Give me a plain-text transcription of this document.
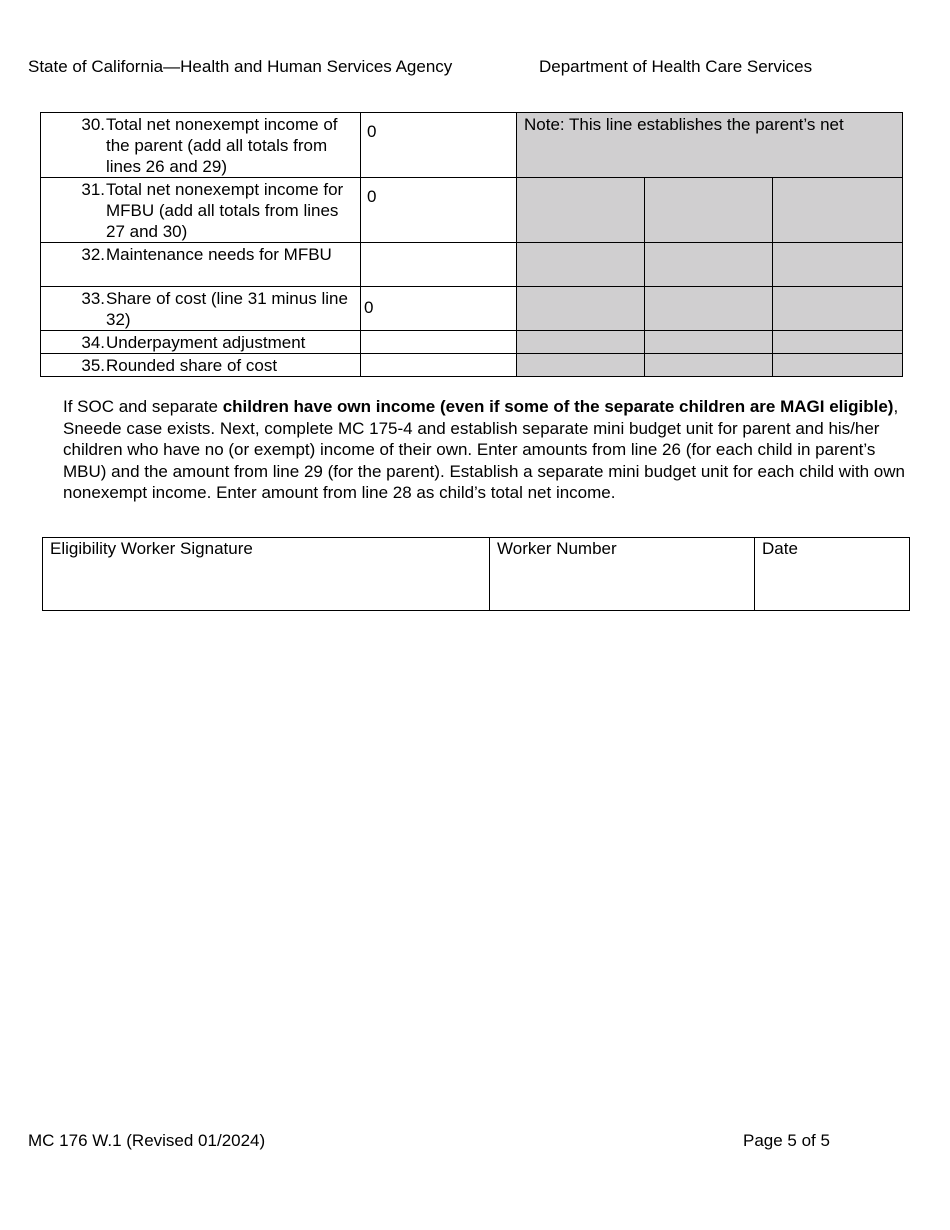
State of California—Health and Human Services Agency	Department of Health Care Services
30. Total net nonexempt income of the parent (add all totals from lines 26 and 29)	0	Note: This line establishes the parent’s net		

31. Total net nonexempt income for MFBU (add all totals from lines 27 and 30)	0			

32. Maintenance needs for MFBU				

33. Share of cost (line 31 minus line 32)	0			

34. Underpayment adjustment				

35. Rounded share of cost				

If SOC and separate children have own income (even if some of the separate children are MAGI eligible), Sneede case exists. Next, complete MC 175-4 and establish separate mini budget unit for parent and his/her children who have no (or exempt) income of their own. Enter amounts from line 26 (for each child in parent’s MBU) and the amount from line 29 (for the parent). Establish a separate mini budget unit for each child with own nonexempt income. Enter amount from line 28 as child’s total net income.
Eligibility Worker Signature	Worker Number	Date
MC 176 W.1 (Revised 01/2024)	Page 5 of 5
